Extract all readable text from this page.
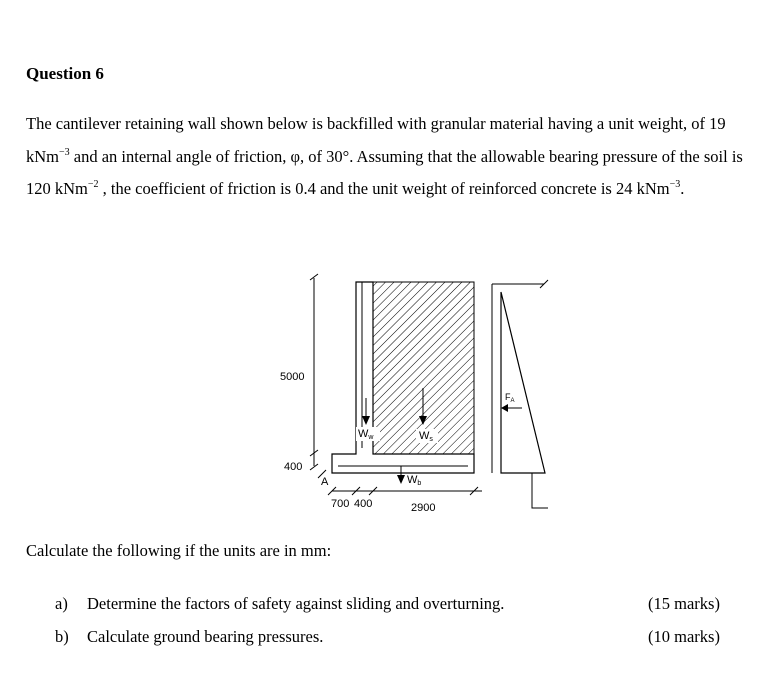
Question 6

The cantilever retaining wall shown below is backfilled with granular material having a unit weight, of 19 kNm$^{-3}$ and an internal angle of friction, φ, of 30°. Assuming that the allowable bearing pressure of the soil is 120 kNm$^{-2}$ , the coefficient of friction is 0.4 and the unit weight of reinforced concrete is 24 kNm$^{-3}$.

5000
400
A
700 400	2900
Ww	Ws
Wb
$F_A$

Calculate the following if the units are in mm:

a) Determine the factors of safety against sliding and overturning.	(15 marks)
b) Calculate ground bearing pressures.	(10 marks)
